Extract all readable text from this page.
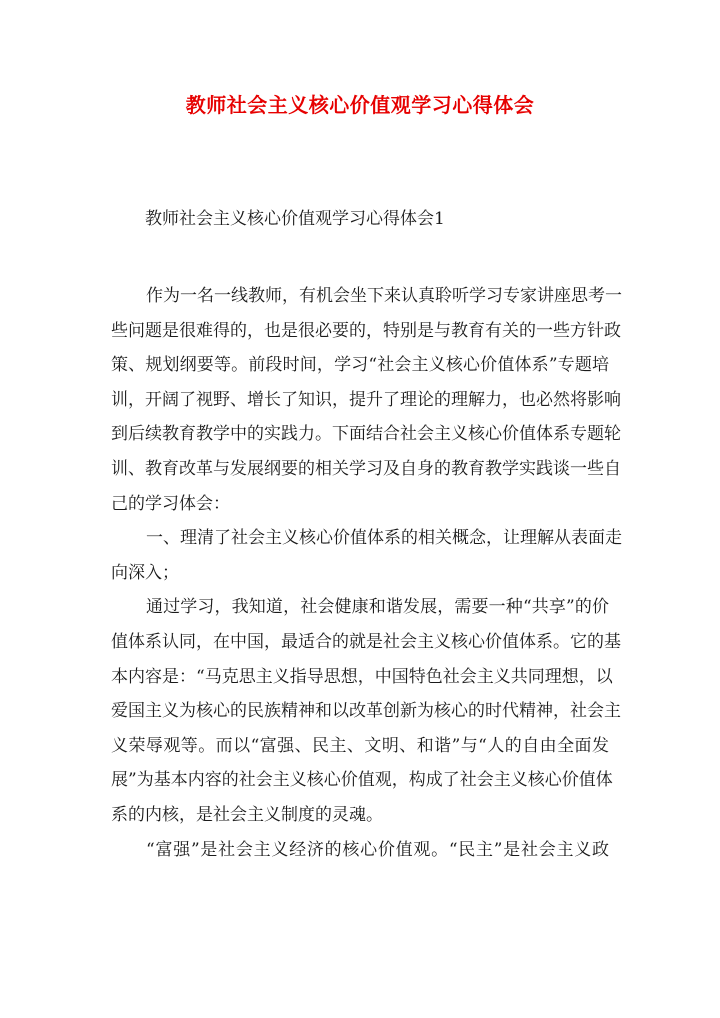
教师社会主义核心价值观学习心得体会
教师社会主义核心价值观学习心得体会1
作为一名一线教师，有机会坐下来认真聆听学习专家讲座思考一
些问题是很难得的，也是很必要的，特别是与教育有关的一些方针政
策、规划纲要等。前段时间，学习“社会主义核心价值体系”专题培
训，开阔了视野、增长了知识，提升了理论的理解力，也必然将影响
到后续教育教学中的实践力。下面结合社会主义核心价值体系专题轮
训、教育改革与发展纲要的相关学习及自身的教育教学实践谈一些自
己的学习体会：
一、理清了社会主义核心价值体系的相关概念，让理解从表面走
向深入；
通过学习，我知道，社会健康和谐发展，需要一种“共享”的价
值体系认同，在中国，最适合的就是社会主义核心价值体系。它的基
本内容是：“马克思主义指导思想，中国特色社会主义共同理想，以
爱国主义为核心的民族精神和以改革创新为核心的时代精神，社会主
义荣辱观等。而以“富强、民主、文明、和谐”与“人的自由全面发
展”为基本内容的社会主义核心价值观，构成了社会主义核心价值体
系的内核，是社会主义制度的灵魂。
“富强”是社会主义经济的核心价值观。“民主”是社会主义政
